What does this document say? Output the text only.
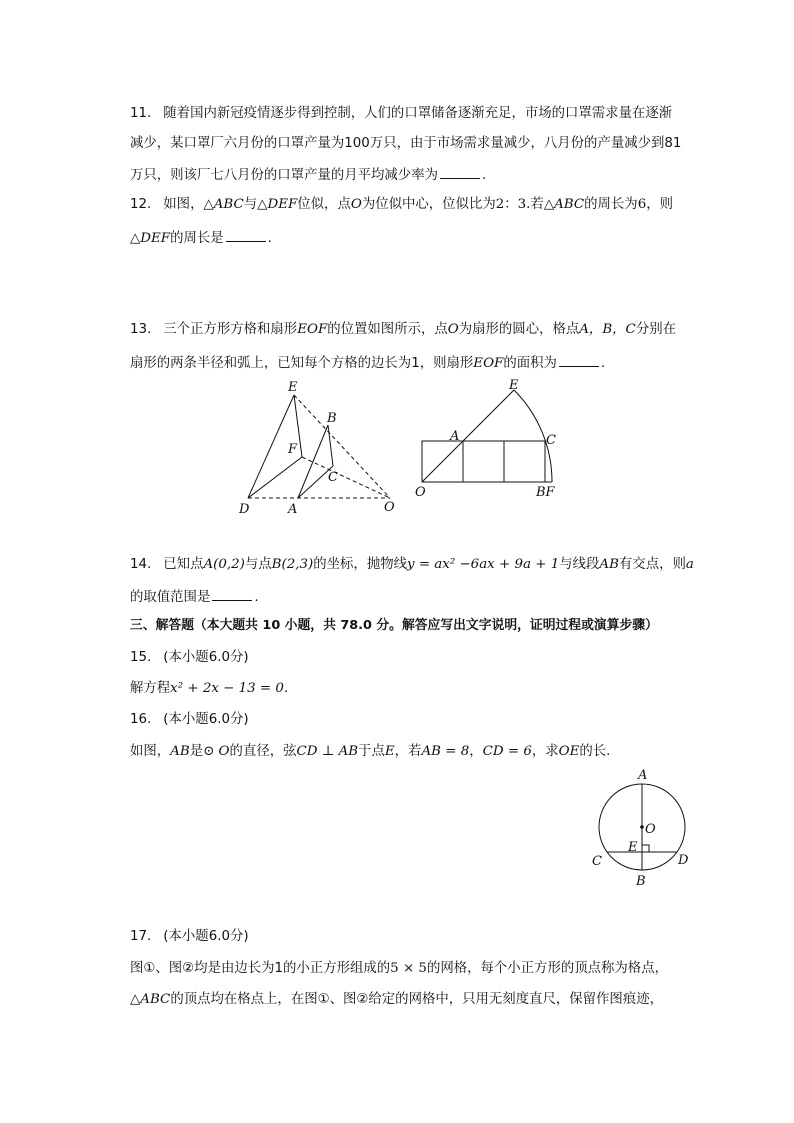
11. 随着国内新冠疫情逐步得到控制，人们的口罩储备逐渐充足，市场的口罩需求量在逐渐
减少，某口罩厂六月份的口罩产量为100万只，由于市场需求量减少，八月份的产量减少到81
万只，则该厂七八月份的口罩产量的月平均减少率为	.
12. 如图，△ABC与△DEF位似，点O为位似中心，位似比为2：3.若△ABC的周长为6，则
△DEF的周长是	.
13. 三个正方形方格和扇形EOF的位置如图所示，点O为扇形的圆心，格点A，B，C分别在
扇形的两条半径和弧上，已知每个方格的边长为1，则扇形EOF的面积为	.
E
B
F
C
D	A	O
E
A	C
O	BF
14. 已知点A(0,2)与点B(2,3)的坐标，抛物线y = ax² −6ax + 9a + 1与线段AB有交点，则a
的取值范围是	.
三、解答题（本大题共 10 小题，共 78.0 分。解答应写出文字说明，证明过程或演算步骤）
15. (本小题6.0分)
解方程x² + 2x − 13 = 0.
16. (本小题6.0分)
如图，AB是⊙ O的直径，弦CD ⊥ AB于点E，若AB = 8，CD = 6，求OE的长.
A
O
E
C	D
B
17. (本小题6.0分)
图①、图②均是由边长为1的小正方形组成的5 × 5的网格，每个小正方形的顶点称为格点，
△ABC的顶点均在格点上，在图①、图②给定的网格中，只用无刻度直尺，保留作图痕迹，
